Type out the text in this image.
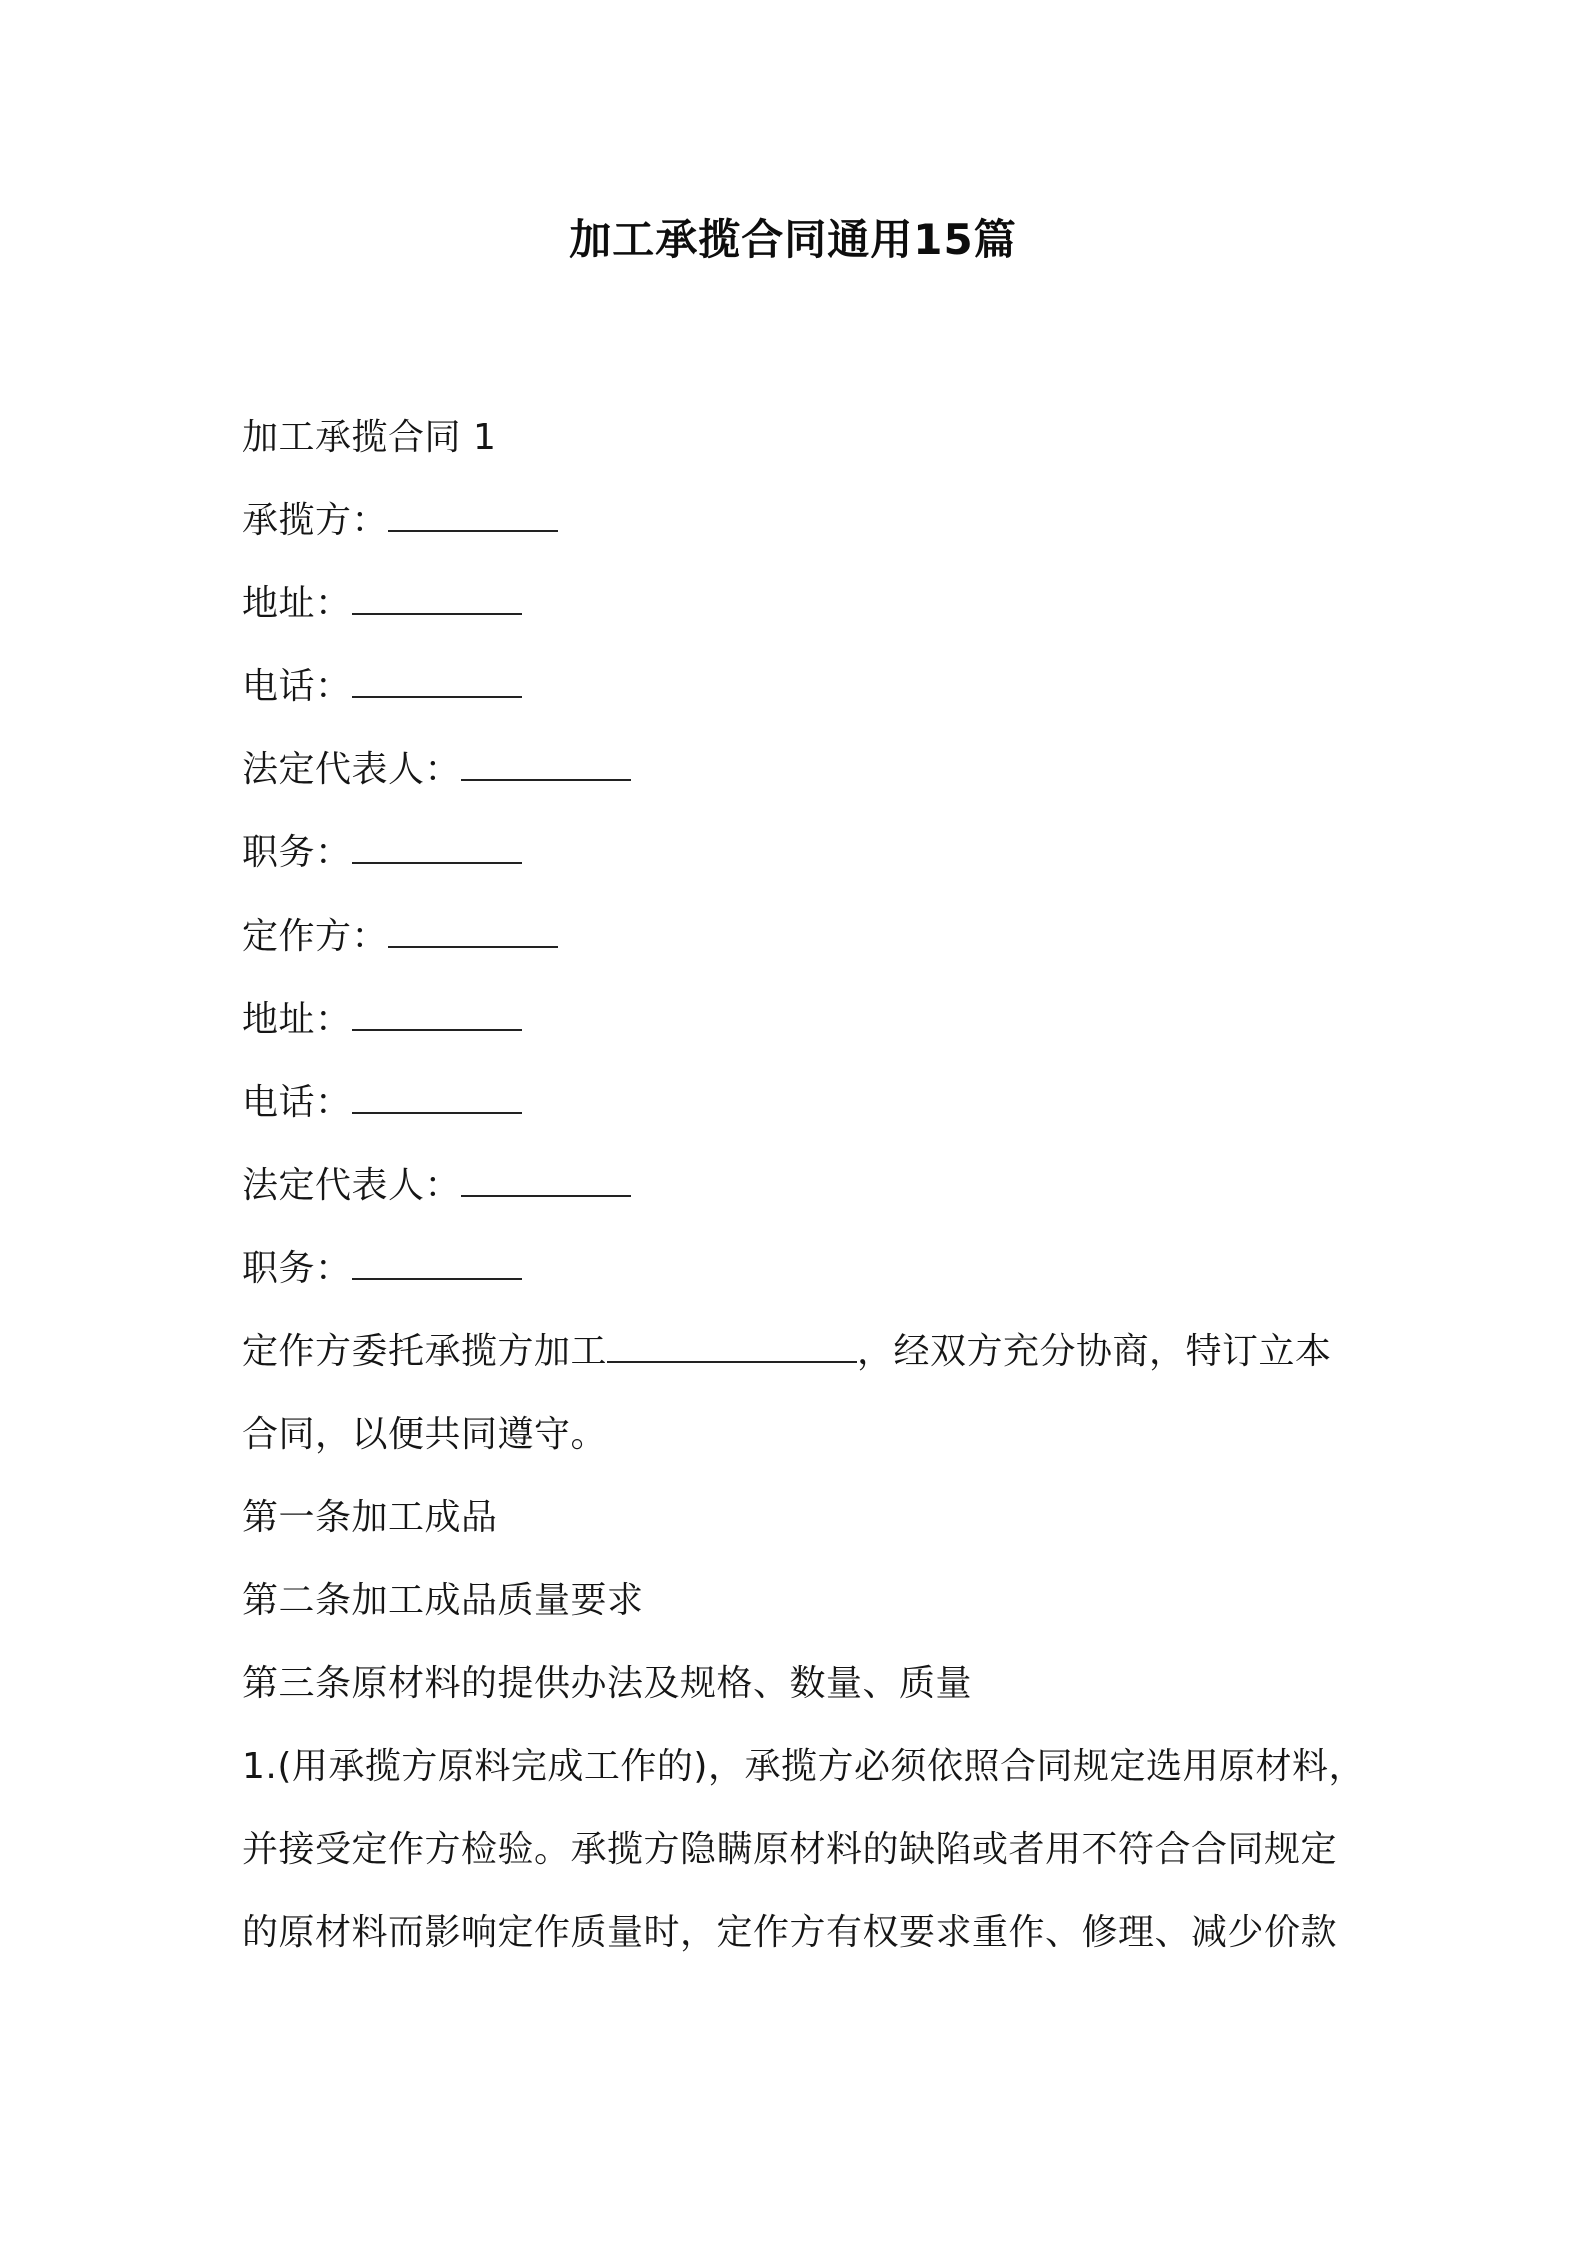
加工承揽合同通用15篇
加工承揽合同 1
承揽方：
地址：
电话：
法定代表人：
职务：
定作方：
地址：
电话：
法定代表人：
职务：
定作方委托承揽方加工	，经双方充分协商，特订立本
合同，以便共同遵守。
第一条加工成品
第二条加工成品质量要求
第三条原材料的提供办法及规格、数量、质量
1.(用承揽方原料完成工作的)，承揽方必须依照合同规定选用原材料，
并接受定作方检验。承揽方隐瞒原材料的缺陷或者用不符合合同规定
的原材料而影响定作质量时，定作方有权要求重作、修理、减少价款
